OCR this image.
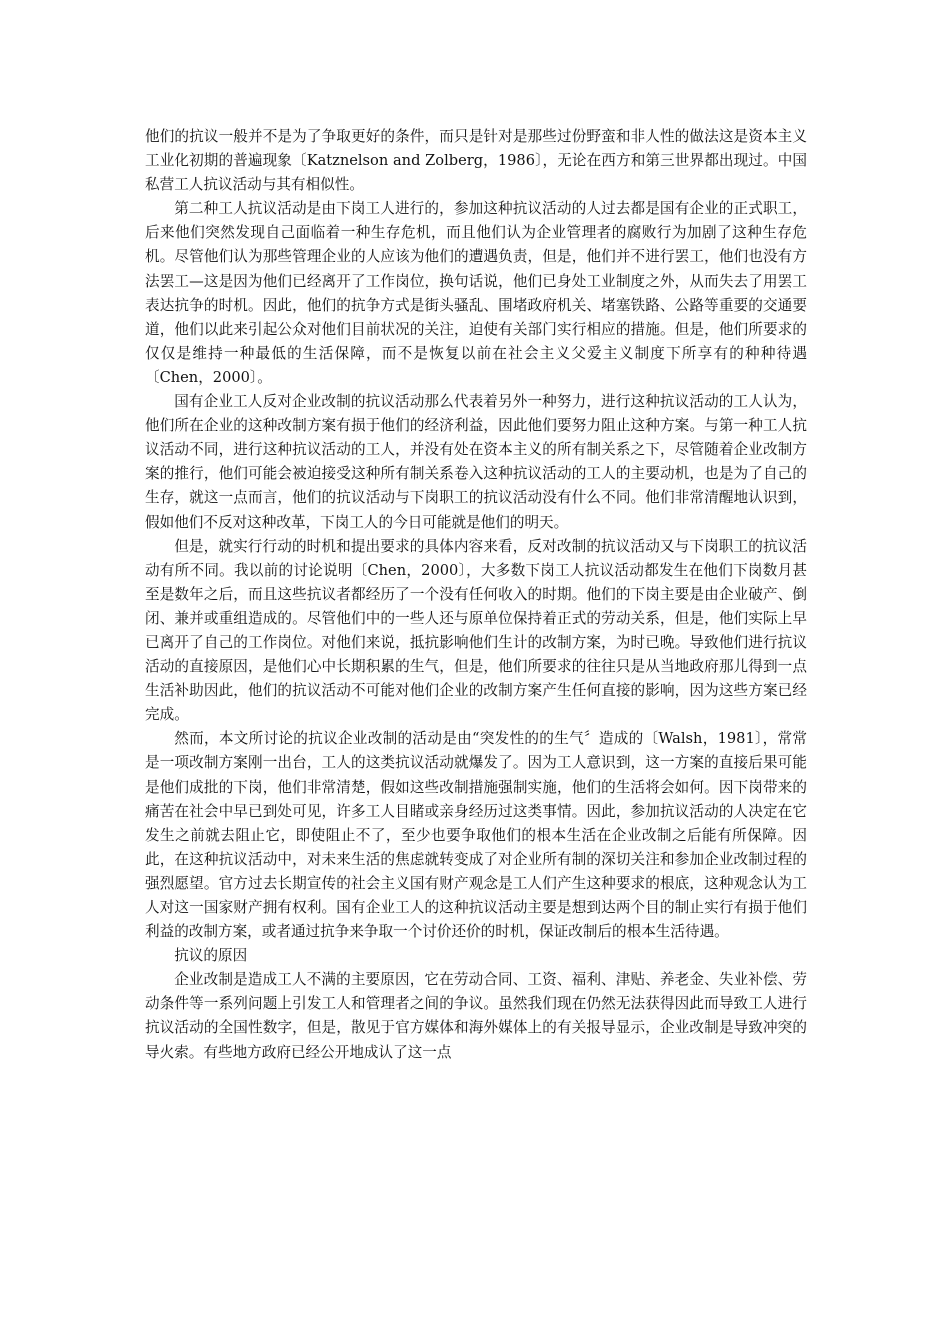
他们的抗议一般并不是为了争取更好的条件，而只是针对是那些过份野蛮和非人性的做法这是资本主义工业化初期的普遍现象〔Katznelson and Zolberg，1986〕，无论在西方和第三世界都出现过。中国私营工人抗议活动与其有相似性。

第二种工人抗议活动是由下岗工人进行的，参加这种抗议活动的人过去都是国有企业的正式职工，后来他们突然发现自己面临着一种生存危机，而且他们认为企业管理者的腐败行为加剧了这种生存危机。尽管他们认为那些管理企业的人应该为他们的遭遇负责，但是，他们并不进行罢工，他们也没有方法罢工—这是因为他们已经离开了工作岗位，换句话说，他们已身处工业制度之外，从而失去了用罢工表达抗争的时机。因此，他们的抗争方式是街头骚乱、围堵政府机关、堵塞铁路、公路等重要的交通要道，他们以此来引起公众对他们目前状况的关注，迫使有关部门实行相应的措施。但是，他们所要求的仅仅是维持一种最低的生活保障，而不是恢复以前在社会主义父爱主义制度下所享有的种种待遇〔Chen，2000〕。

国有企业工人反对企业改制的抗议活动那么代表着另外一种努力，进行这种抗议活动的工人认为，他们所在企业的这种改制方案有损于他们的经济利益，因此他们要努力阻止这种方案。与第一种工人抗议活动不同，进行这种抗议活动的工人，并没有处在资本主义的所有制关系之下，尽管随着企业改制方案的推行，他们可能会被迫接受这种所有制关系卷入这种抗议活动的工人的主要动机，也是为了自己的生存，就这一点而言，他们的抗议活动与下岗职工的抗议活动没有什么不同。他们非常清醒地认识到，假如他们不反对这种改革，下岗工人的今日可能就是他们的明天。

但是，就实行行动的时机和提出要求的具体内容来看，反对改制的抗议活动又与下岗职工的抗议活动有所不同。我以前的讨论说明〔Chen，2000〕，大多数下岗工人抗议活动都发生在他们下岗数月甚至是数年之后，而且这些抗议者都经历了一个没有任何收入的时期。他们的下岗主要是由企业破产、倒闭、兼并或重组造成的。尽管他们中的一些人还与原单位保持着正式的劳动关系，但是，他们实际上早已离开了自己的工作岗位。对他们来说，抵抗影响他们生计的改制方案，为时已晚。导致他们进行抗议活动的直接原因，是他们心中长期积累的生气，但是，他们所要求的往往只是从当地政府那儿得到一点生活补助因此，他们的抗议活动不可能对他们企业的改制方案产生任何直接的影响，因为这些方案已经完成。

然而，本文所讨论的抗议企业改制的活动是由“突发性的的生气〞造成的〔Walsh，1981〕，常常是一项改制方案刚一出台，工人的这类抗议活动就爆发了。因为工人意识到，这一方案的直接后果可能是他们成批的下岗，他们非常清楚，假如这些改制措施强制实施，他们的生活将会如何。因下岗带来的痛苦在社会中早已到处可见，许多工人目睹或亲身经历过这类事情。因此，参加抗议活动的人决定在它发生之前就去阻止它，即使阻止不了，至少也要争取他们的根本生活在企业改制之后能有所保障。因此，在这种抗议活动中，对未来生活的焦虑就转变成了对企业所有制的深切关注和参加企业改制过程的强烈愿望。官方过去长期宣传的社会主义国有财产观念是工人们产生这种要求的根底，这种观念认为工人对这一国家财产拥有权利。国有企业工人的这种抗议活动主要是想到达两个目的制止实行有损于他们利益的改制方案，或者通过抗争来争取一个讨价还价的时机，保证改制后的根本生活待遇。

抗议的原因

企业改制是造成工人不满的主要原因，它在劳动合同、工资、福利、津贴、养老金、失业补偿、劳动条件等一系列问题上引发工人和管理者之间的争议。虽然我们现在仍然无法获得因此而导致工人进行抗议活动的全国性数字，但是，散见于官方媒体和海外媒体上的有关报导显示，企业改制是导致冲突的导火索。有些地方政府已经公开地成认了这一点
